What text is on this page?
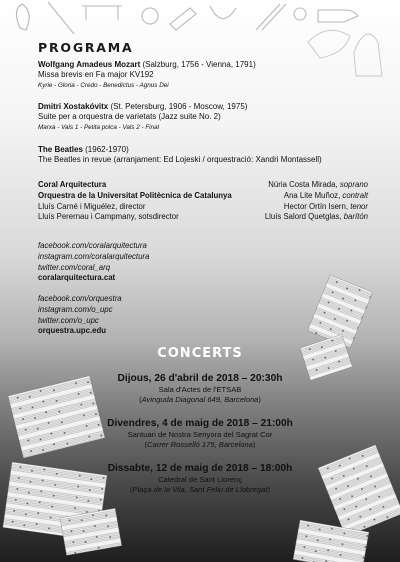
PROGRAMA
Wolfgang Amadeus Mozart (Salzburg, 1756 - Vienna, 1791)
Missa brevis en Fa major KV192
Kyrie - Gloria - Credo - Benedictus - Agnus Dei
Dmitri Xostakóvitx (St. Petersburg, 1906 - Moscow, 1975)
Suite per a orquestra de varietats (Jazz suite No. 2)
Marxa - Vals 1 - Petita polca - Vals 2 - Final
The Beatles (1962-1970)
The Beatles in revue (arranjament: Ed Lojeski / orquestració: Xandri Montassell)
Coral Arquitectura
Orquestra de la Universitat Politècnica de Catalunya
Lluís Carné i Miguélez, director
Lluís Perernau i Campmany, sotsdirector
Núria Costa Mirada, soprano
Ana Lite Muñoz, contralt
Hector Ortín Isern, tenor
Lluís Salord Quetglas, barítón
facebook.com/coralarquitectura
instagram.com/coralarquitectura
twitter.com/coral_arq
coralarquitectura.cat
facebook.com/orquestra
instagram.com/o_upc
twitter.com/o_upc
orquestra.upc.edu
CONCERTS
Dijous, 26 d'abril de 2018 – 20:30h
Sala d'Actes de l'ETSAB
(Avinguda Diagonal 649, Barcelona)
Divendres, 4 de maig de 2018 – 21:00h
Santuari de Nostra Senyora del Sagrat Cor
(Carrer Rosselló 175, Barcelona)
Dissabte, 12 de maig de 2018 – 18:00h
Catedral de Sant Llorenç
(Plaça de la Vila, Sant Feliu de Llobregat)
